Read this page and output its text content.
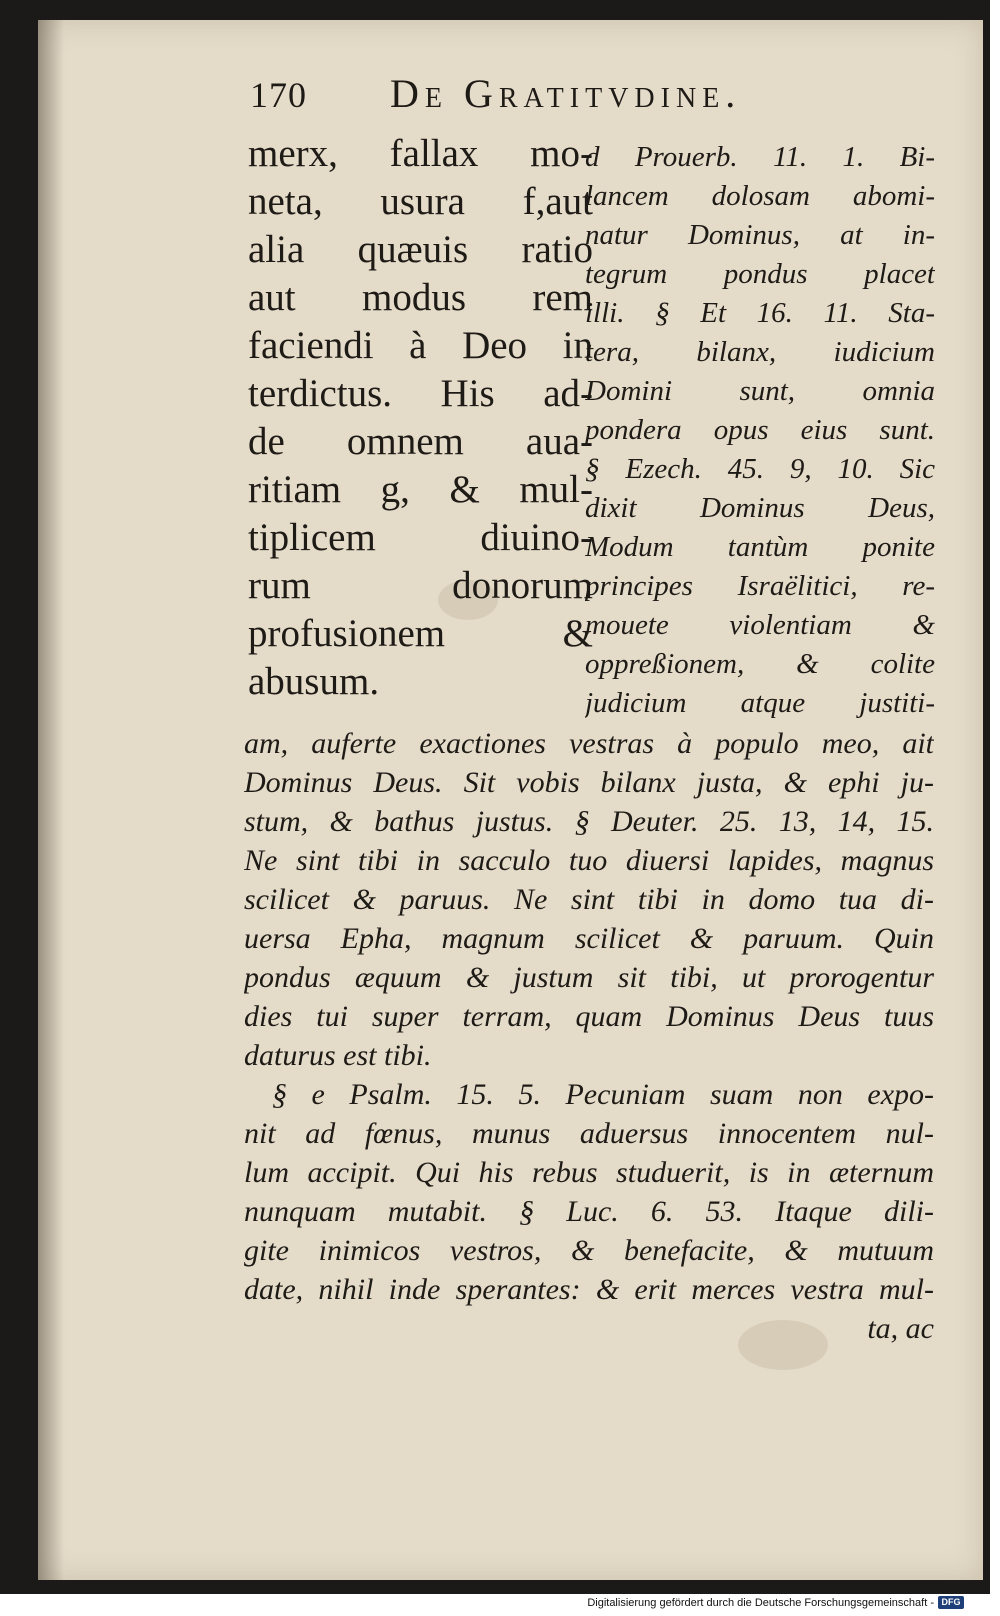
170 De Gratitvdine.
merx, fallax mo-
neta, usura f,aut
alia quæuis ratio
aut modus rem
faciendi à Deo in
terdictus. His ad-
de omnem aua-
ritiam g, & mul-
tiplicem diuino-
rum donorum
profusionem &
abusum.
d Prouerb. 11. 1. Bi-
lancem dolosam abomi-
natur Dominus, at in-
tegrum pondus placet
illi. § Et 16. 11. Sta-
tera, bilanx, iudicium
Domini sunt, omnia
pondera opus eius sunt.
§ Ezech. 45. 9, 10. Sic
dixit Dominus Deus,
Modum tantùm ponite
principes Israëlitici, re-
mouete violentiam &
oppreßionem, & colite
judicium atque justiti-
am, auferte exactiones vestras à populo meo, ait
Dominus Deus. Sit vobis bilanx justa, & ephi ju-
stum, & bathus justus. § Deuter. 25. 13, 14, 15.
Ne sint tibi in sacculo tuo diuersi lapides, magnus
scilicet & paruus. Ne sint tibi in domo tua di-
uersa Epha, magnum scilicet & paruum. Quin
pondus æquum & justum sit tibi, ut prorogentur
dies tui super terram, quam Dominus Deus tuus
daturus est tibi.
§ e Psalm. 15. 5. Pecuniam suam non expo-
nit ad fœnus, munus aduersus innocentem nul-
lum accipit. Qui his rebus studuerit, is in æternum
nunquam mutabit. § Luc. 6. 53. Itaque dili-
gite inimicos vestros, & benefacite, & mutuum
date, nihil inde sperantes: & erit merces vestra mul-
ta, ac
Digitalisierung gefördert durch die Deutsche Forschungsgemeinschaft - DFG
